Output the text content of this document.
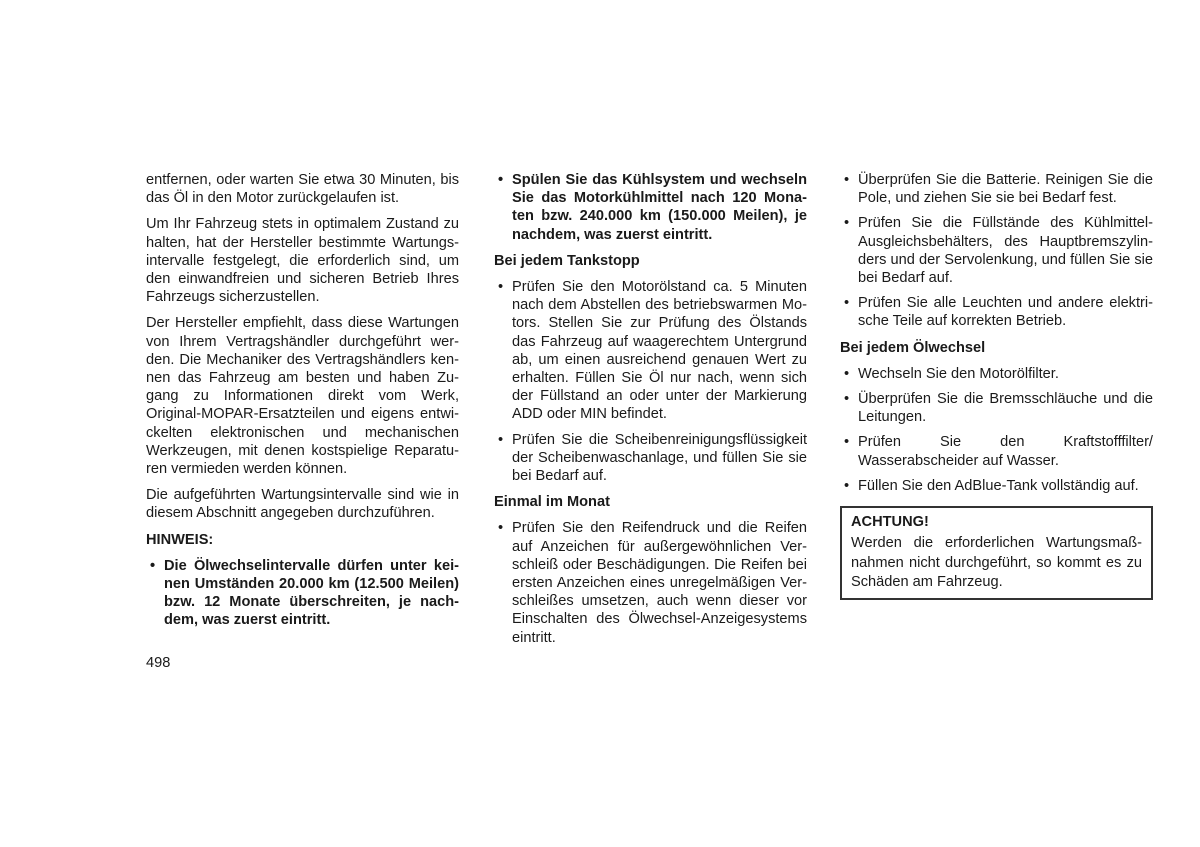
entfernen, oder warten Sie etwa 30 Minuten, bis das Öl in den Motor zurückgelaufen ist.

Um Ihr Fahrzeug stets in optimalem Zustand zu halten, hat der Hersteller bestimmte Wartungs- intervalle festgelegt, die erforderlich sind, um den einwandfreien und sicheren Betrieb Ihres Fahrzeugs sicherzustellen.

Der Hersteller empfiehlt, dass diese Wartungen von Ihrem Vertragshändler durchgeführt wer- den. Die Mechaniker des Vertragshändlers ken- nen das Fahrzeug am besten und haben Zu- gang zu Informationen direkt vom Werk, Original-MOPAR-Ersatzteilen und eigens entwi- ckelten elektronischen und mechanischen Werkzeugen, mit denen kostspielige Reparatu- ren vermieden werden können.

Die aufgeführten Wartungsintervalle sind wie in diesem Abschnitt angegeben durchzuführen.

HINWEIS:
• Die Ölwechselintervalle dürfen unter kei- nen Umständen 20.000 km (12.500 Meilen) bzw. 12 Monate überschreiten, je nach- dem, was zuerst eintritt.
• Spülen Sie das Kühlsystem und wechseln Sie das Motorkühlmittel nach 120 Mona- ten bzw. 240.000 km (150.000 Meilen), je nachdem, was zuerst eintritt.
Bei jedem Tankstopp
• Prüfen Sie den Motorölstand ca. 5 Minuten nach dem Abstellen des betriebswarmen Mo- tors. Stellen Sie zur Prüfung des Ölstands das Fahrzeug auf waagerechtem Untergrund ab, um einen ausreichend genauen Wert zu erhalten. Füllen Sie Öl nur nach, wenn sich der Füllstand an oder unter der Markierung ADD oder MIN befindet.
• Prüfen Sie die Scheibenreinigungsflüssigkeit der Scheibenwaschanlage, und füllen Sie sie bei Bedarf auf.
Einmal im Monat
• Prüfen Sie den Reifendruck und die Reifen auf Anzeichen für außergewöhnlichen Ver- schleiß oder Beschädigungen. Die Reifen bei ersten Anzeichen eines unregelmäßigen Ver- schleißes umsetzen, auch wenn dieser vor Einschalten des Ölwechsel-Anzeigesystems eintritt.
• Überprüfen Sie die Batterie. Reinigen Sie die Pole, und ziehen Sie sie bei Bedarf fest.
• Prüfen Sie die Füllstände des Kühlmittel- Ausgleichsbehälters, des Hauptbremszylin- ders und der Servolenkung, und füllen Sie sie bei Bedarf auf.
• Prüfen Sie alle Leuchten und andere elektri- sche Teile auf korrekten Betrieb.
Bei jedem Ölwechsel
• Wechseln Sie den Motorölfilter.
• Überprüfen Sie die Bremsschläuche und die Leitungen.
• Prüfen Sie den Kraftstofffilter/ Wasserabscheider auf Wasser.
• Füllen Sie den AdBlue-Tank vollständig auf.
ACHTUNG!

Werden die erforderlichen Wartungsmaß- nahmen nicht durchgeführt, so kommt es zu Schäden am Fahrzeug.

498
